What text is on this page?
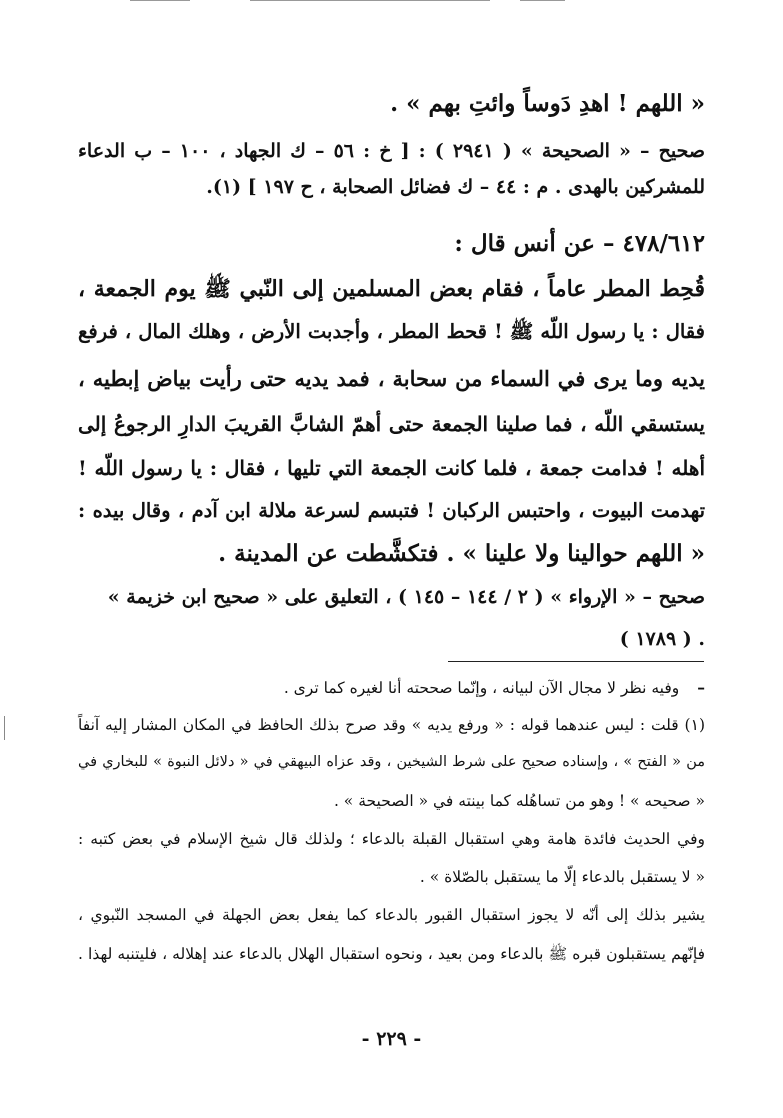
« اللهم ! اهدِ دَوساً وائتِ بهم » .
صحيح – « الصحيحة » ( ٢٩٤١ ) : [ خ : ٥٦ – ك الجهاد ، ١٠٠ – ب الدعاء
للمشركين بالهدى . م : ٤٤ – ك فضائل الصحابة ، ح ١٩٧ ] (١).
٤٧٨/٦١٢ – عن أنس قال :
قُحِط المطر عاماً ، فقام بعض المسلمين إلى النّبي ﷺ يوم الجمعة ،
فقال : يا رسول اللّه ﷺ ! قحط المطر ، وأجدبت الأرض ، وهلك المال ، فرفع
يديه وما يرى في السماء من سحابة ، فمد يديه حتى رأيت بياض إبطيه ،
يستسقي اللّه ، فما صلينا الجمعة حتى أهمّ الشابَّ القريبَ الدارِ الرجوعُ إلى
أهله ! فدامت جمعة ، فلما كانت الجمعة التي تليها ، فقال : يا رسول اللّه !
تهدمت البيوت ، واحتبس الركبان ! فتبسم لسرعة ملالة ابن آدم ، وقال بيده :
« اللهم حوالينا ولا علينا » . فتكشَّطت عن المدينة .
صحيح – « الإرواء » ( ٢ / ١٤٤ – ١٤٥ ) ، التعليق على « صحيح ابن خزيمة »
. ( ١٧٨٩ )
–وفيه نظر لا مجال الآن لبيانه ، وإنّما صححته أنا لغيره كما ترى .
(١) قلت : ليس عندهما قوله : « ورفع يديه » وقد صرح بذلك الحافظ في المكان المشار إليه آنفاً
من « الفتح » ، وإسناده صحيح على شرط الشيخين ، وقد عزاه البيهقي في « دلائل النبوة » للبخاري في
« صحيحه » ! وهو من تساهُله كما بينته في « الصحيحة » .
وفي الحديث فائدة هامة وهي استقبال القبلة بالدعاء ؛ ولذلك قال شيخ الإسلام في بعض كتبه :
« لا يستقبل بالدعاء إلّا ما يستقبل بالصّلاة » .
يشير بذلك إلى أنّه لا يجوز استقبال القبور بالدعاء كما يفعل بعض الجهلة في المسجد النّبوي ،
فإنّهم يستقبلون قبره ﷺ بالدعاء ومن بعيد ، ونحوه استقبال الهلال بالدعاء عند إهلاله ، فليتنبه لهذا .
- ٢٢٩ -
